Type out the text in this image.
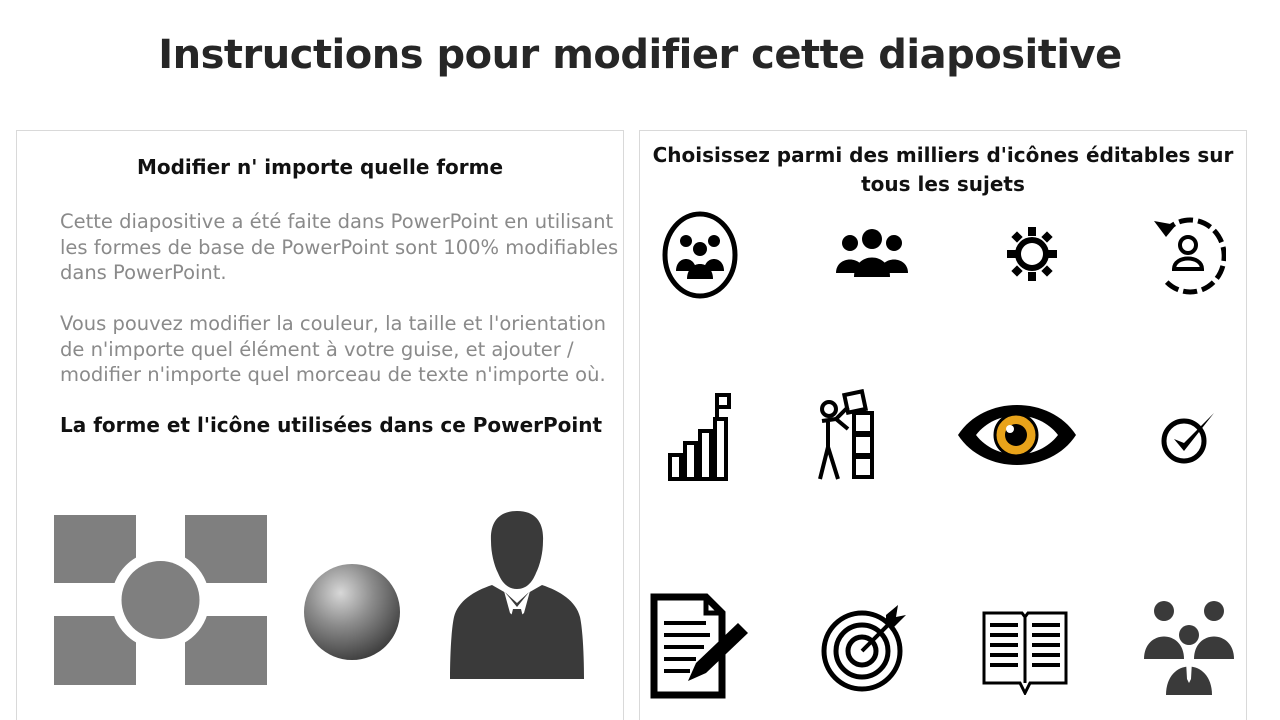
Instructions pour modifier cette diapositive
Modifier n' importe quelle forme
Cette diapositive a été faite dans PowerPoint en utilisant les formes de base de PowerPoint sont 100% modifiables dans PowerPoint.
Vous pouvez modifier la couleur, la taille et l'orientation de n'importe quel élément à votre guise, et ajouter / modifier n'importe quel morceau de texte n'importe où.
La forme et l'icône utilisées dans ce PowerPoint
Choisissez parmi des milliers d'icônes éditables sur tous les sujets
